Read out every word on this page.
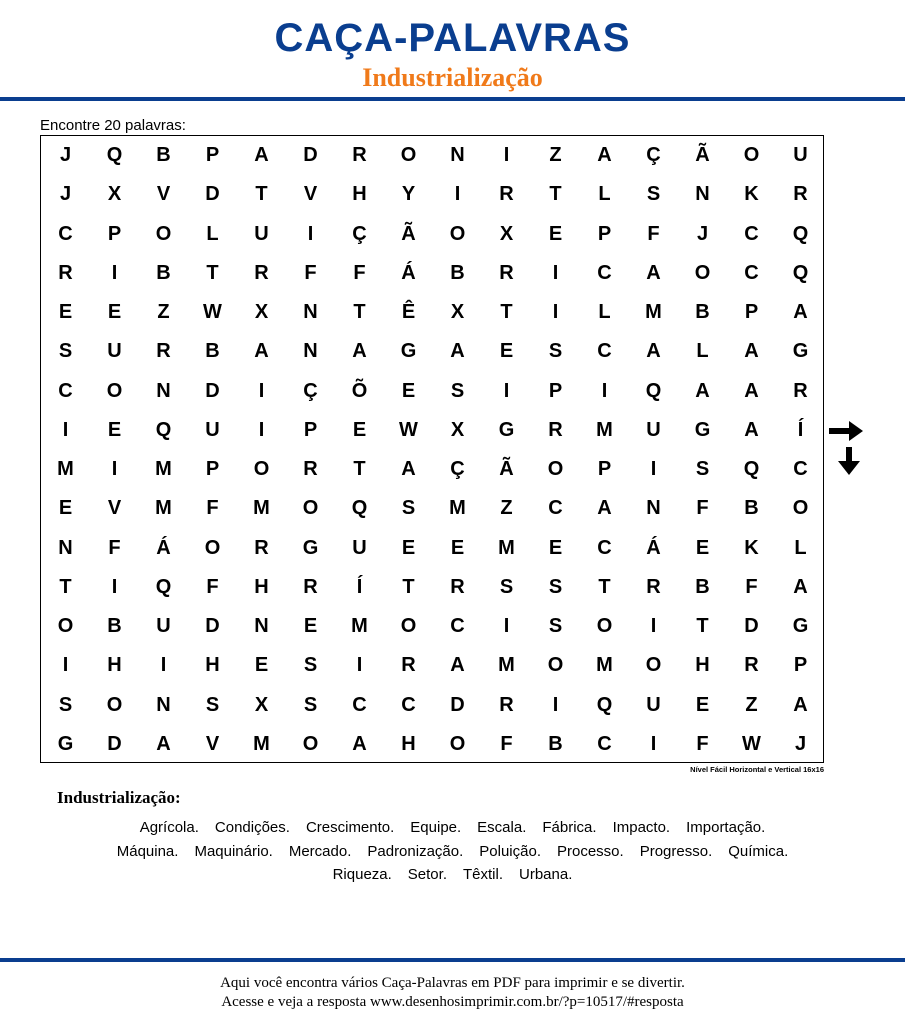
CAÇA-PALAVRAS
Industrialização
Encontre 20 palavras:
J	Q	B	P	A	D	R	O	N	I	Z	A	Ç	Ã	O	U
J	X	V	D	T	V	H	Y	I	R	T	L	S	N	K	R
C	P	O	L	U	I	Ç	Ã	O	X	E	P	F	J	C	Q
R	I	B	T	R	F	F	Á	B	R	I	C	A	O	C	Q
E	E	Z	W	X	N	T	Ê	X	T	I	L	M	B	P	A
S	U	R	B	A	N	A	G	A	E	S	C	A	L	A	G
C	O	N	D	I	Ç	Õ	E	S	I	P	I	Q	A	A	R
I	E	Q	U	I	P	E	W	X	G	R	M	U	G	A	Í
M	I	M	P	O	R	T	A	Ç	Ã	O	P	I	S	Q	C
E	V	M	F	M	O	Q	S	M	Z	C	A	N	F	B	O
N	F	Á	O	R	G	U	E	E	M	E	C	Á	E	K	L
T	I	Q	F	H	R	Í	T	R	S	S	T	R	B	F	A
O	B	U	D	N	E	M	O	C	I	S	O	I	T	D	G
I	H	I	H	E	S	I	R	A	M	O	M	O	H	R	P
S	O	N	S	X	S	C	C	D	R	I	Q	U	E	Z	A
G	D	A	V	M	O	A	H	O	F	B	C	I	F	W	J
Nível Fácil Horizontal e Vertical 16x16
Industrialização:
Agrícola. Condições. Crescimento. Equipe. Escala. Fábrica. Impacto. Importação.
Máquina. Maquinário. Mercado. Padronização. Poluição. Processo. Progresso. Química.
Riqueza. Setor. Têxtil. Urbana.
Aqui você encontra vários Caça-Palavras em PDF para imprimir e se divertir.
Acesse e veja a resposta www.desenhosimprimir.com.br/?p=10517/#resposta
